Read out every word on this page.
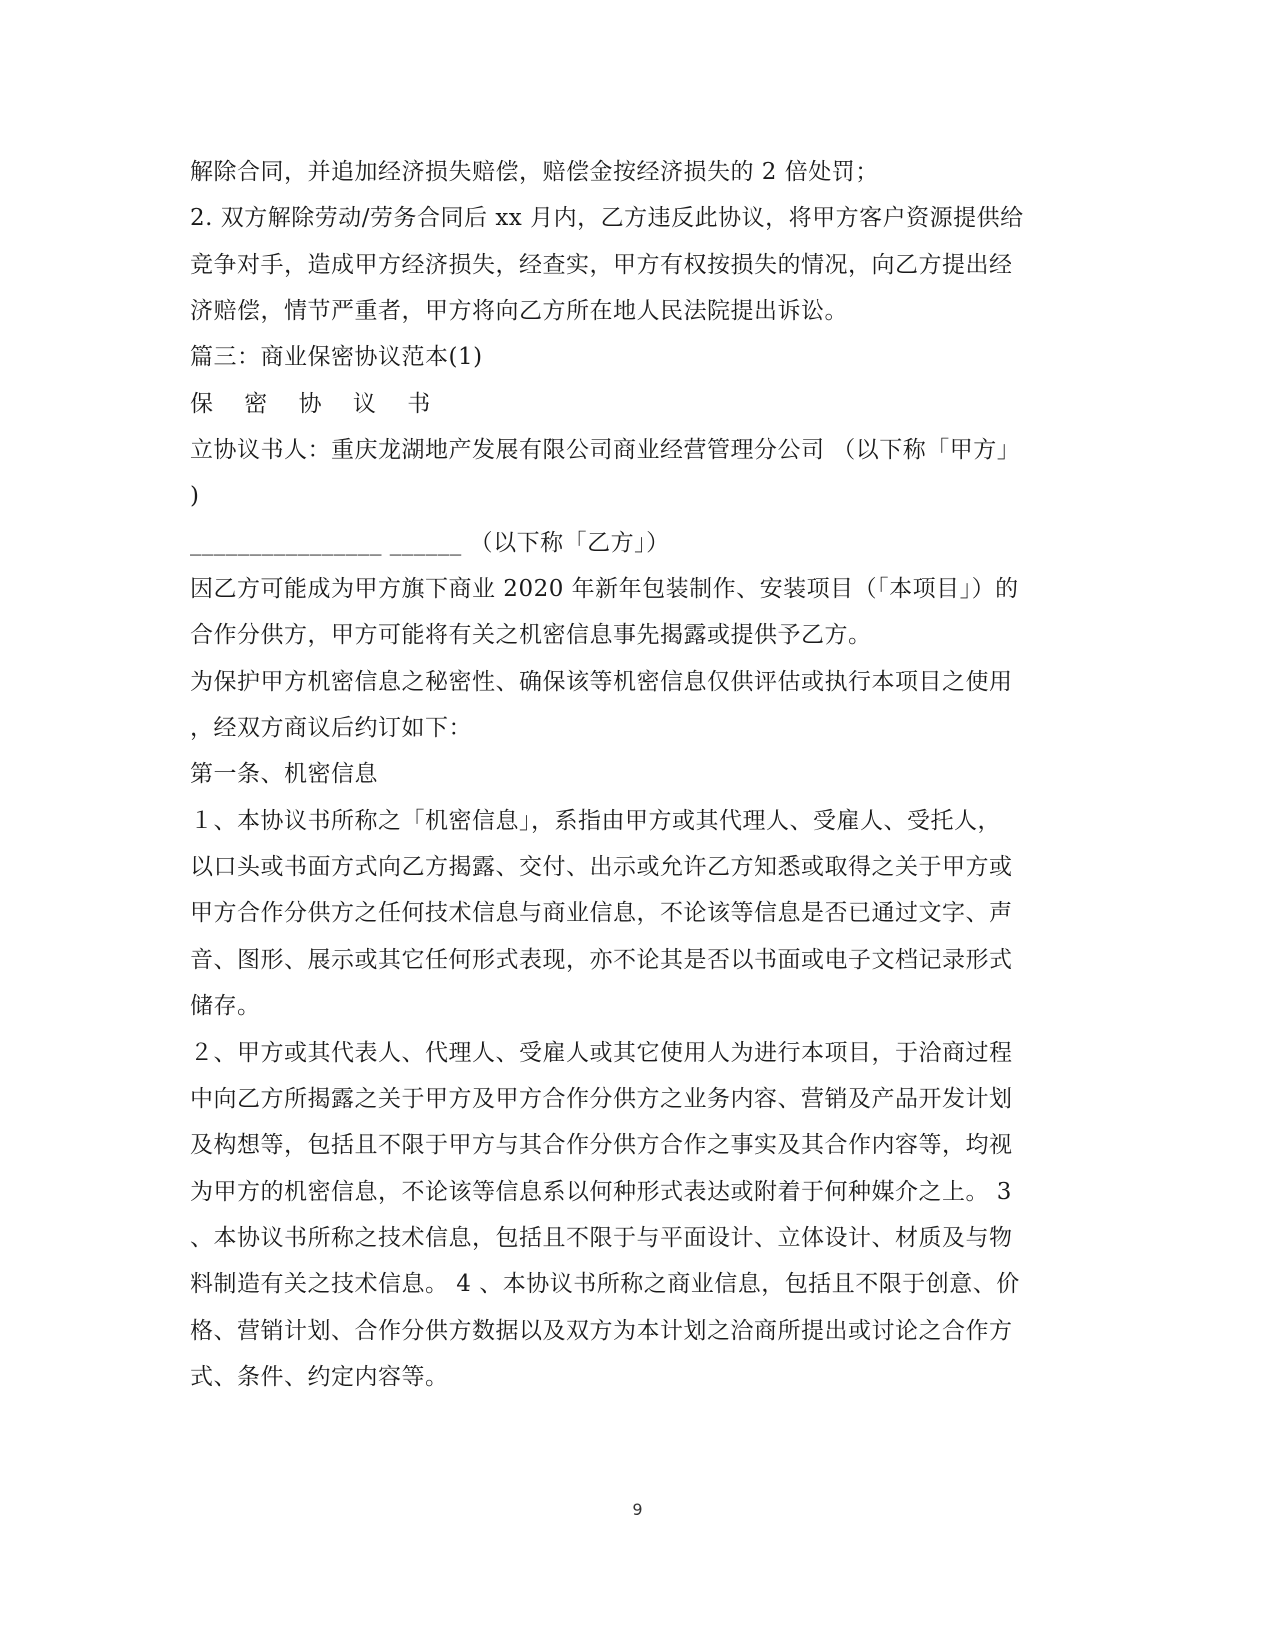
解除合同，并追加经济损失赔偿，赔偿金按经济损失的 2 倍处罚；
2. 双方解除劳动/劳务合同后 xx 月内，乙方违反此协议，将甲方客户资源提供给
竞争对手，造成甲方经济损失，经查实，甲方有权按损失的情况，向乙方提出经
济赔偿，情节严重者，甲方将向乙方所在地人民法院提出诉讼。
篇三：商业保密协议范本(1)
保 密 协 议 书
立协议书人：重庆龙湖地产发展有限公司商业经营管理分公司 （以下称「甲方」
)
________________ ______ （以下称「乙方」）
因乙方可能成为甲方旗下商业 2020 年新年包装制作、安装项目（「本项目」）的
合作分供方，甲方可能将有关之机密信息事先揭露或提供予乙方。
为保护甲方机密信息之秘密性、确保该等机密信息仅供评估或执行本项目之使用
，经双方商议后约订如下：
第一条、机密信息
１、本协议书所称之「机密信息」，系指由甲方或其代理人、受雇人、受托人，
以口头或书面方式向乙方揭露、交付、出示或允许乙方知悉或取得之关于甲方或
甲方合作分供方之任何技术信息与商业信息，不论该等信息是否已通过文字、声
音、图形、展示或其它任何形式表现，亦不论其是否以书面或电子文档记录形式
储存。
２、甲方或其代表人、代理人、受雇人或其它使用人为进行本项目，于洽商过程
中向乙方所揭露之关于甲方及甲方合作分供方之业务内容、营销及产品开发计划
及构想等，包括且不限于甲方与其合作分供方合作之事实及其合作内容等，均视
为甲方的机密信息，不论该等信息系以何种形式表达或附着于何种媒介之上。 3
、本协议书所称之技术信息，包括且不限于与平面设计、立体设计、材质及与物
料制造有关之技术信息。 4 、本协议书所称之商业信息，包括且不限于创意、价
格、营销计划、合作分供方数据以及双方为本计划之洽商所提出或讨论之合作方
式、条件、约定内容等。
9
